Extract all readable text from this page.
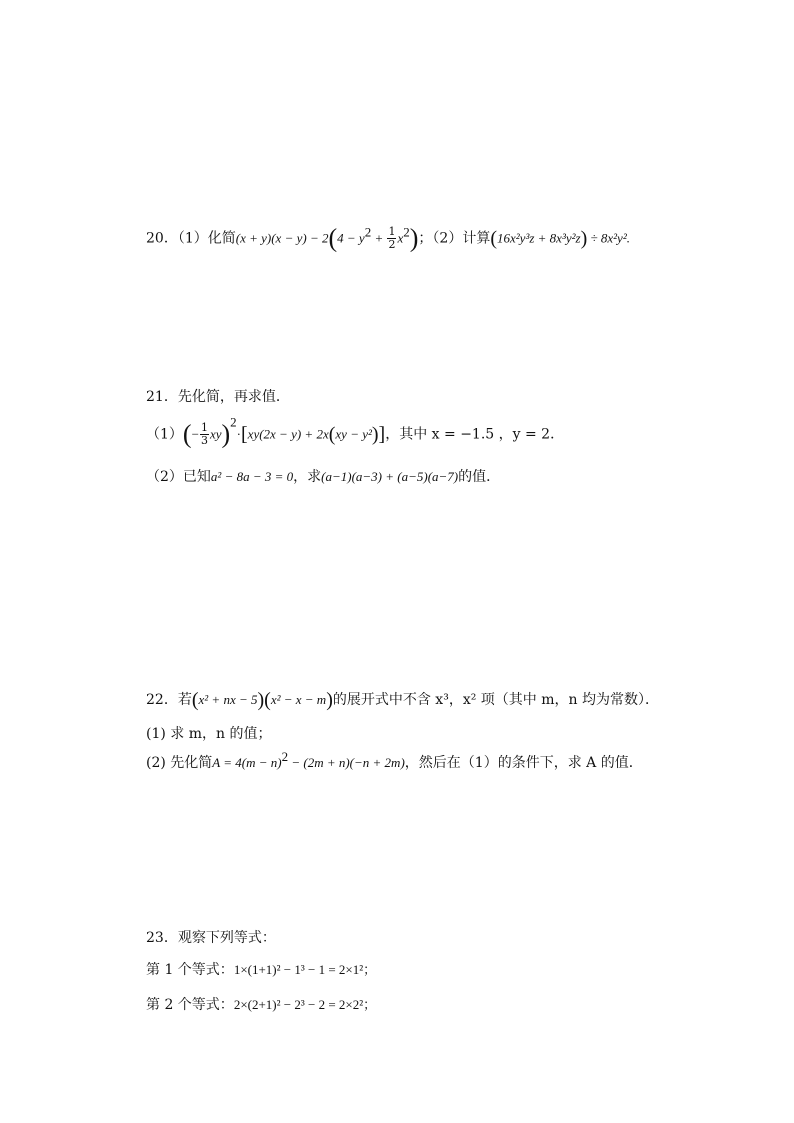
20．（1）化简$(x + y)(x - y) - 2(4 - y^2 + \frac{1}{2} x^2)$；（2）计算(16x²y³z + 8x³y²z) ÷ 8x²y².
21．先化简，再求值．
$(1)(- \frac{1}{3} xy)^2\cdot[xy(2x - y) + 2x(xy - y^2)]$，其中 x = −1.5 ，y = 2．
（2）已知a² − 8a − 3 = 0，求(a−1)(a−3) + (a−5)(a−7)的值．
22．若(x² + nx − 5)(x² − x − m)的展开式中不含 x³，x² 项（其中 m，n 均为常数）．
(1) 求 m，n 的值；
(2) 先化简$A = 4(m - n)^2 - (2m + n)(-n + 2m)$，然后在（1）的条件下，求 A 的值．
23．观察下列等式：
第 1 个等式：1×(1+1)² − 1³ − 1 = 2×1²；
第 2 个等式：2×(2+1)² − 2³ − 2 = 2×2²；
